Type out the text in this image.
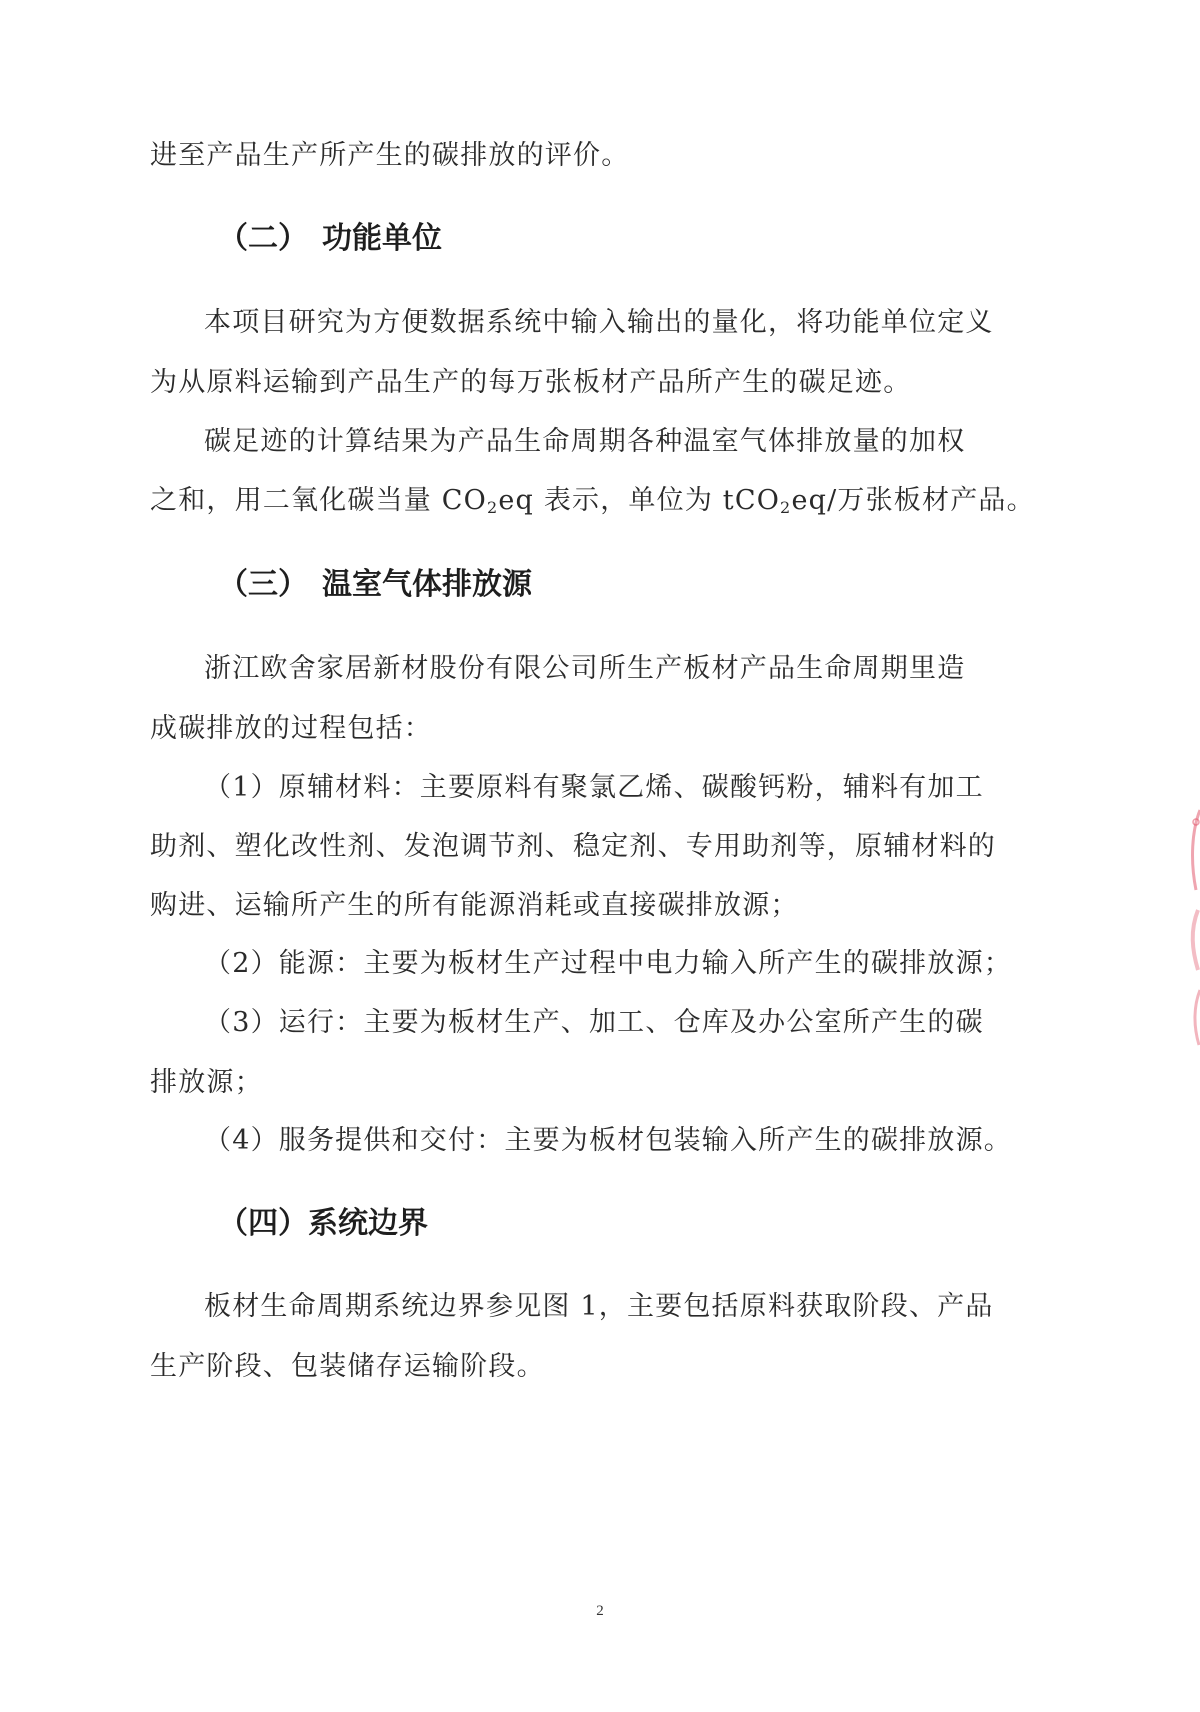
进至产品生产所产生的碳排放的评价。
（二） 功能单位
本项目研究为方便数据系统中输入输出的量化，将功能单位定义
为从原料运输到产品生产的每万张板材产品所产生的碳足迹。
碳足迹的计算结果为产品生命周期各种温室气体排放量的加权
之和，用二氧化碳当量 $CO_2eq$ 表示，单位为 tCO$_2$eq/万张板材产品。
（三） 温室气体排放源
浙江欧舍家居新材股份有限公司所生产板材产品生命周期里造
成碳排放的过程包括：
（1）原辅材料：主要原料有聚氯乙烯、碳酸钙粉，辅料有加工
助剂、塑化改性剂、发泡调节剂、稳定剂、专用助剂等，原辅材料的
购进、运输所产生的所有能源消耗或直接碳排放源；
（2）能源：主要为板材生产过程中电力输入所产生的碳排放源；
（3）运行：主要为板材生产、加工、仓库及办公室所产生的碳
排放源；
（4）服务提供和交付：主要为板材包装输入所产生的碳排放源。
（四）系统边界
板材生命周期系统边界参见图 1，主要包括原料获取阶段、产品
生产阶段、包装储存运输阶段。
2
